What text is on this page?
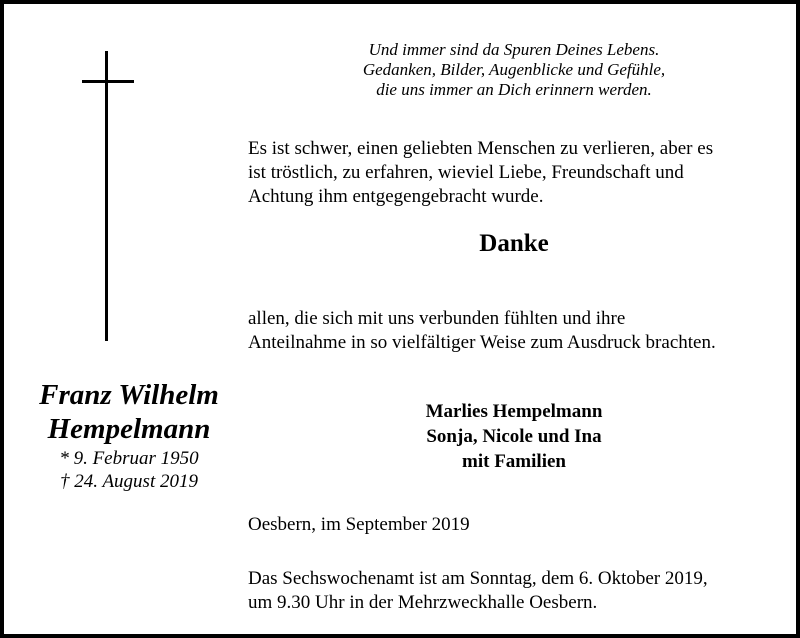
Und immer sind da Spuren Deines Lebens.
Gedanken, Bilder, Augenblicke und Gefühle,
die uns immer an Dich erinnern werden.
Es ist schwer, einen geliebten Menschen zu verlieren, aber es
ist tröstlich, zu erfahren, wieviel Liebe, Freundschaft und
Achtung ihm entgegengebracht wurde.
Danke
allen, die sich mit uns verbunden fühlten und ihre
Anteilnahme in so vielfältiger Weise zum Ausdruck brachten.
Franz Wilhelm
Hempelmann
* 9. Februar 1950
† 24. August 2019
Marlies Hempelmann
Sonja, Nicole und Ina
mit Familien
Oesbern, im September 2019
Das Sechswochenamt ist am Sonntag, dem 6. Oktober 2019,
um 9.30 Uhr in der Mehrzweckhalle Oesbern.
